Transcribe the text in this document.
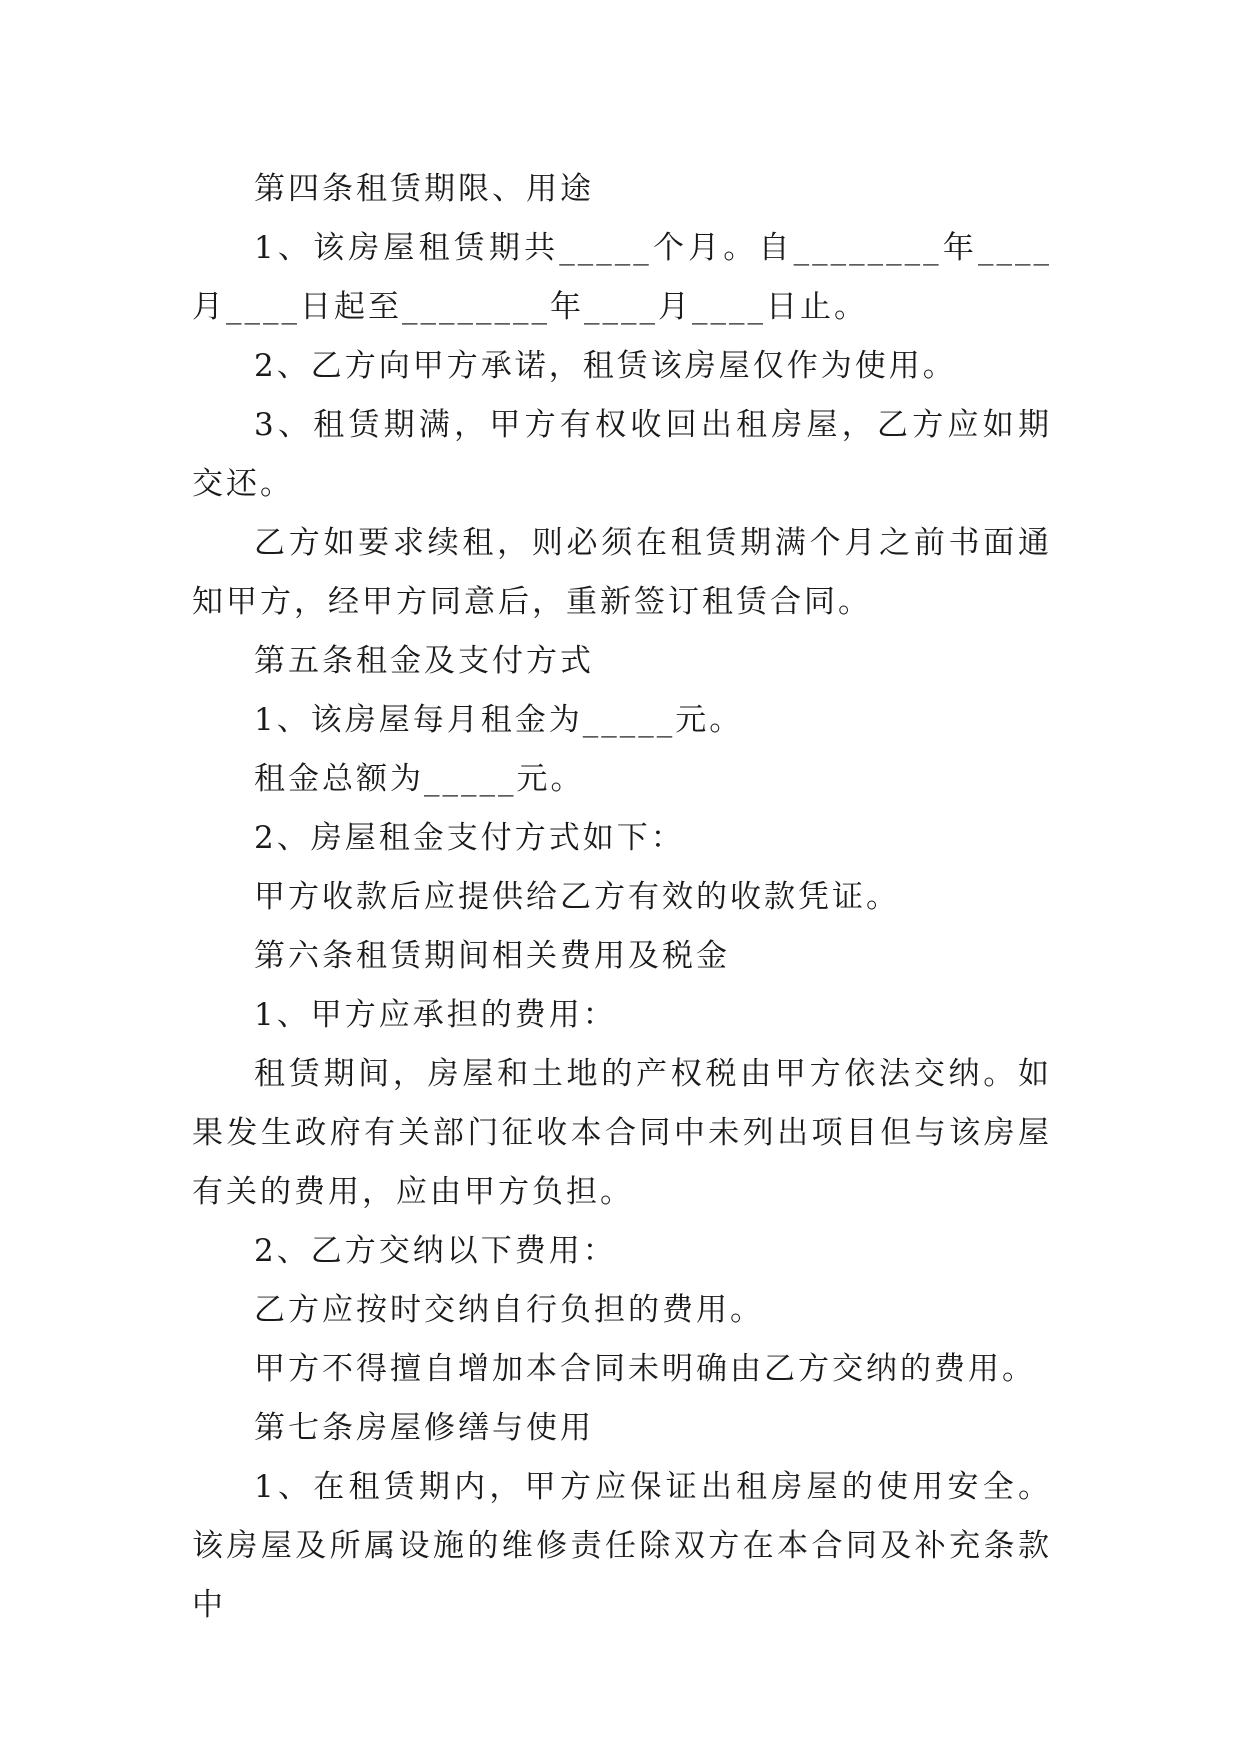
第四条租赁期限、用途

1、该房屋租赁期共_____个月。自________年____月____日起至________年____月____日止。

2、乙方向甲方承诺，租赁该房屋仅作为使用。

3、租赁期满，甲方有权收回出租房屋，乙方应如期交还。

乙方如要求续租，则必须在租赁期满个月之前书面通知甲方，经甲方同意后，重新签订租赁合同。

第五条租金及支付方式

1、该房屋每月租金为_____元。

租金总额为_____元。

2、房屋租金支付方式如下：

甲方收款后应提供给乙方有效的收款凭证。

第六条租赁期间相关费用及税金

1、甲方应承担的费用：

租赁期间，房屋和土地的产权税由甲方依法交纳。如果发生政府有关部门征收本合同中未列出项目但与该房屋有关的费用，应由甲方负担。

2、乙方交纳以下费用：

乙方应按时交纳自行负担的费用。

甲方不得擅自增加本合同未明确由乙方交纳的费用。

第七条房屋修缮与使用

1、在租赁期内，甲方应保证出租房屋的使用安全。该房屋及所属设施的维修责任除双方在本合同及补充条款中
